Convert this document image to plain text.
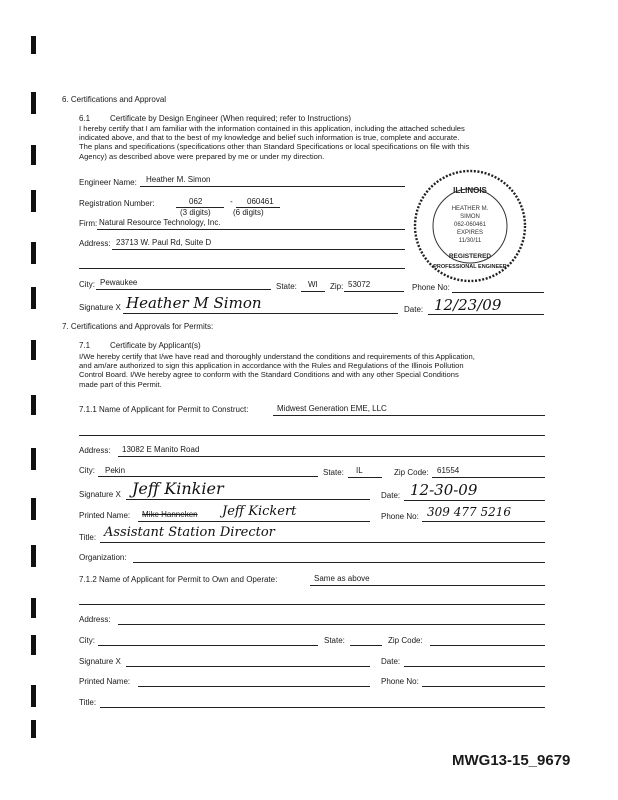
6. Certifications and Approval
6.1 Certificate by Design Engineer (When required; refer to Instructions)
I hereby certify that I am familiar with the information contained in this application, including the attached schedules
indicated above, and that to the best of my knowledge and belief such information is true, complete and accurate.
The plans and specifications (specifications other than Standard Specifications or local specifications on file with this
Agency) as described above were prepared by me or under my direction.
Engineer Name: Heather M. Simon
Registration Number:	062	- 060461
(3 digits)	(6 digits)
Firm: Natural Resource Technology, Inc.
Address: 23713 W. Paul Rd, Suite D
ILLINOIS
HEATHER M.
SIMON
062-060461
EXPIRES
11/30/11
REGISTERED
PROFESSIONAL ENGINEER
City: Pewaukee	State: WI Zip: 53072	Phone No:
Signature X Heather M Simon	Date: 12/23/09
7. Certifications and Approvals for Permits:
7.1 Certificate by Applicant(s)
I/We hereby certify that I/we have read and thoroughly understand the conditions and requirements of this Application,
and am/are authorized to sign this application in accordance with the Rules and Regulations of the Illinois Pollution
Control Board. I/We hereby agree to conform with the Standard Conditions and with any other Special Conditions
made part of this Permit.
7.1.1 Name of Applicant for Permit to Construct:	Midwest Generation EME, LLC
Address: 13082 E Manito Road
City: Pekin	State: IL	Zip Code: 61554
Signature X Jeff Kinkier	Date: 12-30-09
Printed Name: Mike Hanneken Jeff Kickert	Phone No: 309 477 5216
Title: Assistant Station Director
Organization:
7.1.2 Name of Applicant for Permit to Own and Operate:	Same as above
Address:
City:	State:	Zip Code:
Signature X	Date:
Printed Name:	Phone No:
Title:
MWG13-15_9679
